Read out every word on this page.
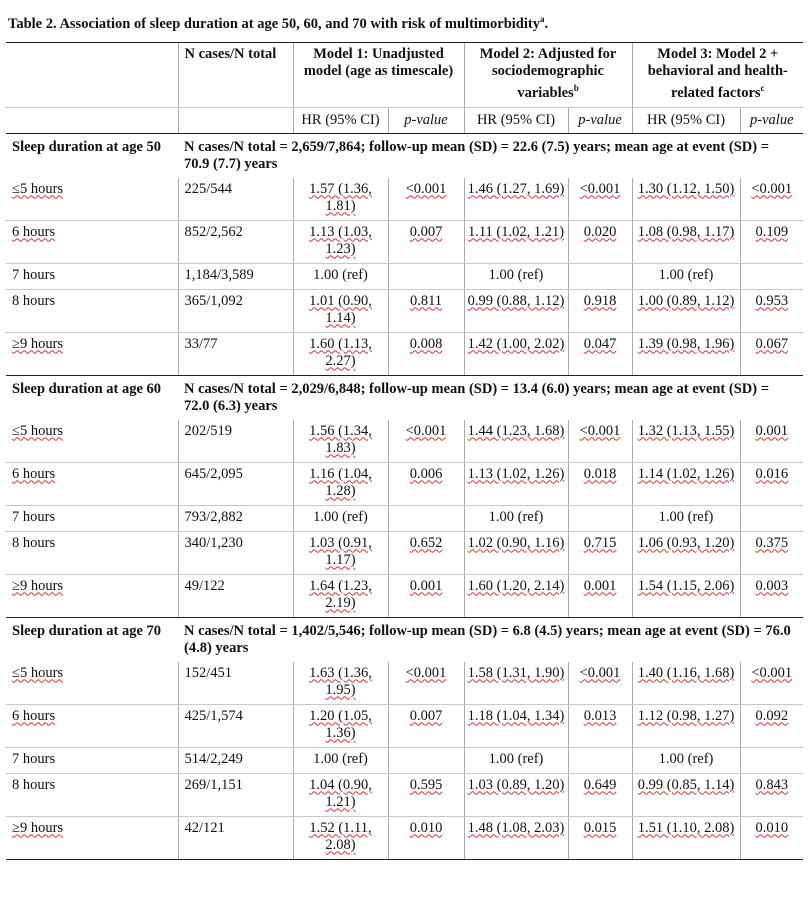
Table 2. Association of sleep duration at age 50, 60, and 70 with risk of multimorbidity$^a$.
	N cases/N total	Model 1: Unadjusted model (age as timescale)		Model 2: Adjusted for sociodemographic variables$^b$		Model 3: Model 2 + behavioral and health-related factors$^c$
		HR (95% CI)	p-value	HR (95% CI)	p-value	HR (95% CI)	p-value
Sleep duration at age 50	N cases/N total = 2,659/7,864; follow-up mean (SD) = 22.6 (7.5) years; mean age at event (SD) = 70.9 (7.7) years						
≤5 hours	225/544	1.57 (1.36, 1.81)	<0.001	1.46 (1.27, 1.69)	<0.001	1.30 (1.12, 1.50)	<0.001
6 hours	852/2,562	1.13 (1.03, 1.23)	0.007	1.11 (1.02, 1.21)	0.020	1.08 (0.98, 1.17)	0.109
7 hours	1,184/3,589	1.00 (ref)		1.00 (ref)		1.00 (ref)	
8 hours	365/1,092	1.01 (0.90, 1.14)	0.811	0.99 (0.88, 1.12)	0.918	1.00 (0.89, 1.12)	0.953
≥9 hours	33/77	1.60 (1.13, 2.27)	0.008	1.42 (1.00, 2.02)	0.047	1.39 (0.98, 1.96)	0.067
Sleep duration at age 60	N cases/N total = 2,029/6,848; follow-up mean (SD) = 13.4 (6.0) years; mean age at event (SD) = 72.0 (6.3) years						
≤5 hours	202/519	1.56 (1.34, 1.83)	<0.001	1.44 (1.23, 1.68)	<0.001	1.32 (1.13, 1.55)	0.001
6 hours	645/2,095	1.16 (1.04, 1.28)	0.006	1.13 (1.02, 1.26)	0.018	1.14 (1.02, 1.26)	0.016
7 hours	793/2,882	1.00 (ref)		1.00 (ref)		1.00 (ref)	
8 hours	340/1,230	1.03 (0.91, 1.17)	0.652	1.02 (0.90, 1.16)	0.715	1.06 (0.93, 1.20)	0.375
≥9 hours	49/122	1.64 (1.23, 2.19)	0.001	1.60 (1.20, 2.14)	0.001	1.54 (1.15, 2.06)	0.003
Sleep duration at age 70	N cases/N total = 1,402/5,546; follow-up mean (SD) = 6.8 (4.5) years; mean age at event (SD) = 76.0 (4.8) years						
≤5 hours	152/451	1.63 (1.36, 1.95)	<0.001	1.58 (1.31, 1.90)	<0.001	1.40 (1.16, 1.68)	<0.001
6 hours	425/1,574	1.20 (1.05, 1.36)	0.007	1.18 (1.04, 1.34)	0.013	1.12 (0.98, 1.27)	0.092
7 hours	514/2,249	1.00 (ref)		1.00 (ref)		1.00 (ref)	
8 hours	269/1,151	1.04 (0.90, 1.21)	0.595	1.03 (0.89, 1.20)	0.649	0.99 (0.85, 1.14)	0.843
≥9 hours	42/121	1.52 (1.11, 2.08)	0.010	1.48 (1.08, 2.03)	0.015	1.51 (1.10, 2.08)	0.010
